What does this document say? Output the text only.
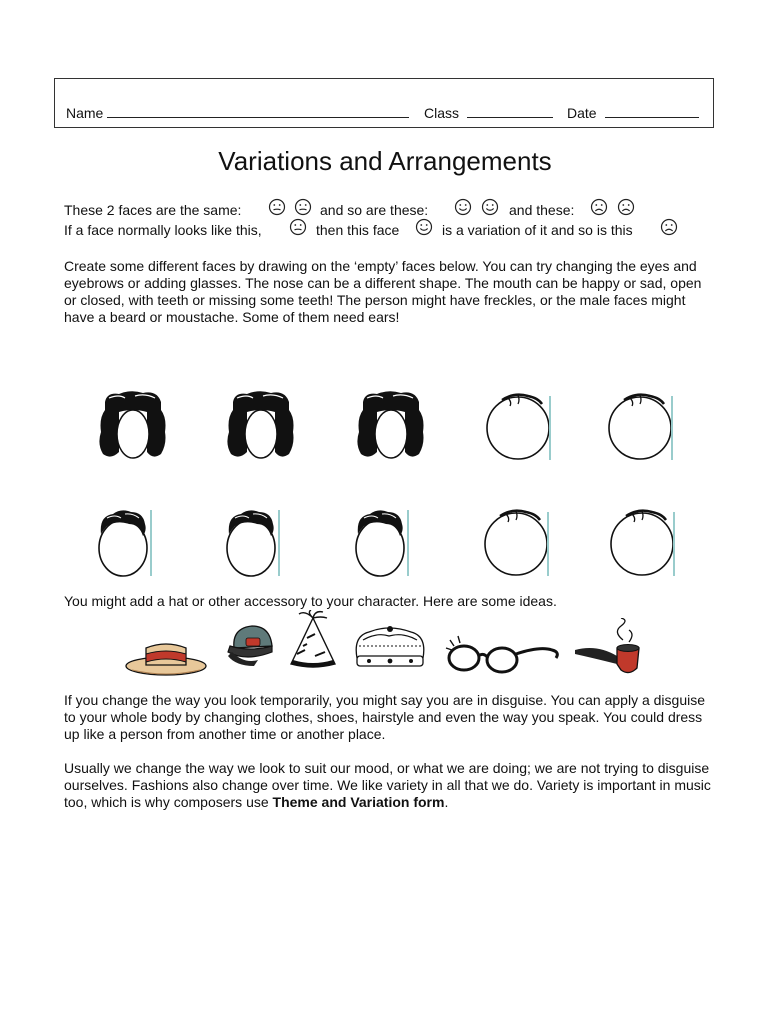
Name	Class	Date
Variations and Arrangements
These 2 faces are the same:	and so are these:	and these:
If a face normally looks like this,	then this face	is a variation of it and so is this
Create some different faces by drawing on the ‘empty’ faces below. You can try changing the eyes and eyebrows or adding glasses. The nose can be a different shape. The mouth can be happy or sad, open or closed, with teeth or missing some teeth! The person might have freckles, or the male faces might have a beard or moustache. Some of them need ears!
You might add a hat or other accessory to your character. Here are some ideas.
If you change the way you look temporarily, you might say you are in disguise. You can apply a disguise to your whole body by changing clothes, shoes, hairstyle and even the way you speak. You could dress up like a person from another time or another place.
Usually we change the way we look to suit our mood, or what we are doing; we are not trying to disguise ourselves. Fashions also change over time. We like variety in all that we do. Variety is important in music too, which is why composers use Theme and Variation form.
